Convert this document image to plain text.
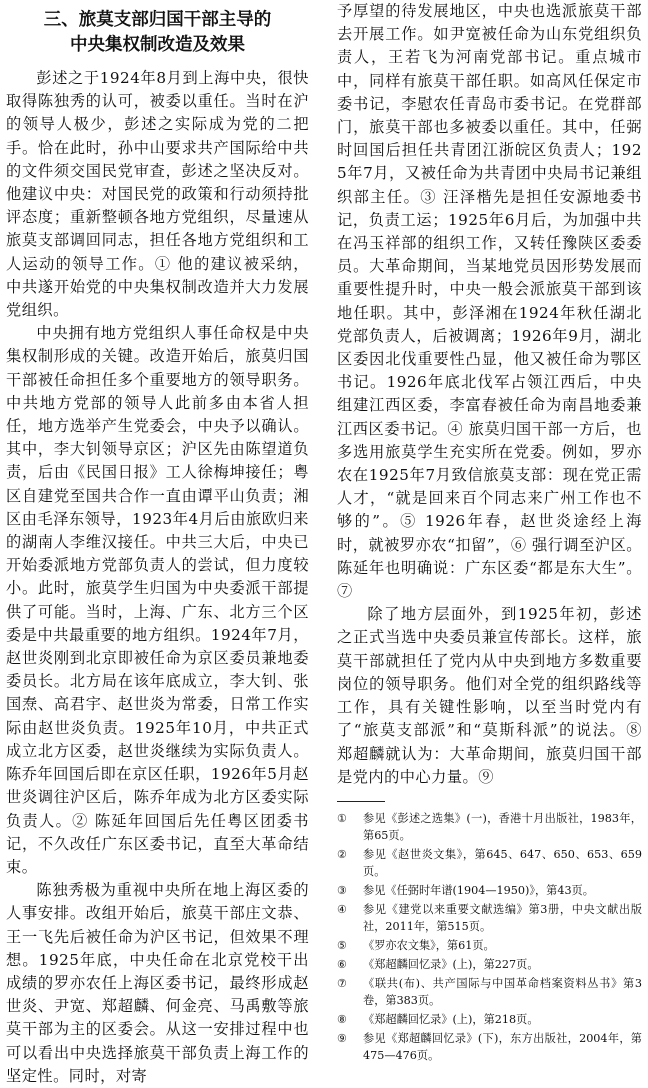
三、旅莫支部归国干部主导的
中央集权制改造及效果

彭述之于1924年8月到上海中央，很快取得陈独秀的认可，被委以重任。当时在沪的领导人极少，彭述之实际成为党的二把手。恰在此时，孙中山要求共产国际给中共的文件须交国民党审查，彭述之坚决反对。他建议中央：对国民党的政策和行动须持批评态度；重新整顿各地方党组织，尽量速从旅莫支部调回同志，担任各地方党组织和工人运动的领导工作。① 他的建议被采纳，中共遂开始党的中央集权制改造并大力发展党组织。

中央拥有地方党组织人事任命权是中央集权制形成的关键。改造开始后，旅莫归国干部被任命担任多个重要地方的领导职务。中共地方党部的领导人此前多由本省人担任，地方选举产生党委会，中央予以确认。其中，李大钊领导京区；沪区先由陈望道负责，后由《民国日报》工人徐梅坤接任；粤区自建党至国共合作一直由谭平山负责；湘区由毛泽东领导，1923年4月后由旅欧归来的湖南人李维汉接任。中共三大后，中央已开始委派地方党部负责人的尝试，但力度较小。此时，旅莫学生归国为中央委派干部提供了可能。当时，上海、广东、北方三个区委是中共最重要的地方组织。1924年7月，赵世炎刚到北京即被任命为京区委员兼地委委员长。北方局在该年底成立，李大钊、张国焘、高君宇、赵世炎为常委，日常工作实际由赵世炎负责。1925年10月，中共正式成立北方区委，赵世炎继续为实际负责人。陈乔年回国后即在京区任职，1926年5月赵世炎调往沪区后，陈乔年成为北方区委实际负责人。② 陈延年回国后先任粤区团委书记，不久改任广东区委书记，直至大革命结束。

陈独秀极为重视中央所在地上海区委的人事安排。改组开始后，旅莫干部庄文恭、王一飞先后被任命为沪区书记，但效果不理想。1925年底，中央任命在北京党校干出成绩的罗亦农任上海区委书记，最终形成赵世炎、尹宽、郑超麟、何金亮、马禹敷等旅莫干部为主的区委会。从这一安排过程中也可以看出中央选择旅莫干部负责上海工作的坚定性。同时，对寄

予厚望的待发展地区，中央也选派旅莫干部去开展工作。如尹宽被任命为山东党组织负责人，王若飞为河南党部书记。重点城市中，同样有旅莫干部任职。如高风任保定市委书记，李慰农任青岛市委书记。在党群部门，旅莫干部也多被委以重任。其中，任弼时回国后担任共青团江浙皖区负责人；1925年7月，又被任命为共青团中央局书记兼组织部主任。③ 汪泽楷先是担任安源地委书记，负责工运；1925年6月后，为加强中共在冯玉祥部的组织工作，又转任豫陕区委委员。大革命期间，当某地党员因形势发展而重要性提升时，中央一般会派旅莫干部到该地任职。其中，彭泽湘在1924年秋任湖北党部负责人，后被调离；1926年9月，湖北区委因北伐重要性凸显，他又被任命为鄂区书记。1926年底北伐军占领江西后，中央组建江西区委，李富春被任命为南昌地委兼江西区委书记。④ 旅莫归国干部一方后，也多选用旅莫学生充实所在党委。例如，罗亦农在1925年7月致信旅莫支部：现在党正需人才，“就是回来百个同志来广州工作也不够的”。⑤ 1926年春，赵世炎途经上海时，就被罗亦农“扣留”，⑥ 强行调至沪区。陈延年也明确说：广东区委“都是东大生”。⑦

除了地方层面外，到1925年初，彭述之正式当选中央委员兼宣传部长。这样，旅莫干部就担任了党内从中央到地方多数重要岗位的领导职务。他们对全党的组织路线等工作，具有关键性影响，以至当时党内有了“旅莫支部派”和“莫斯科派”的说法。⑧ 郑超麟就认为：大革命期间，旅莫归国干部是党内的中心力量。⑨

①	参见《彭述之选集》(一)，香港十月出版社，1983年，第65页。
②	参见《赵世炎文集》，第645、647、650、653、659页。
③	参见《任弼时年谱(1904—1950)》，第43页。
④	参见《建党以来重要文献选编》第3册，中央文献出版社，2011年，第515页。
⑤	《罗亦农文集》，第61页。
⑥	《郑超麟回忆录》(上)，第227页。
⑦	《联共(布)、共产国际与中国革命档案资料丛书》第3卷，第383页。
⑧	《郑超麟回忆录》(上)，第218页。
⑨	参见《郑超麟回忆录》(下)，东方出版社，2004年，第475—476页。
